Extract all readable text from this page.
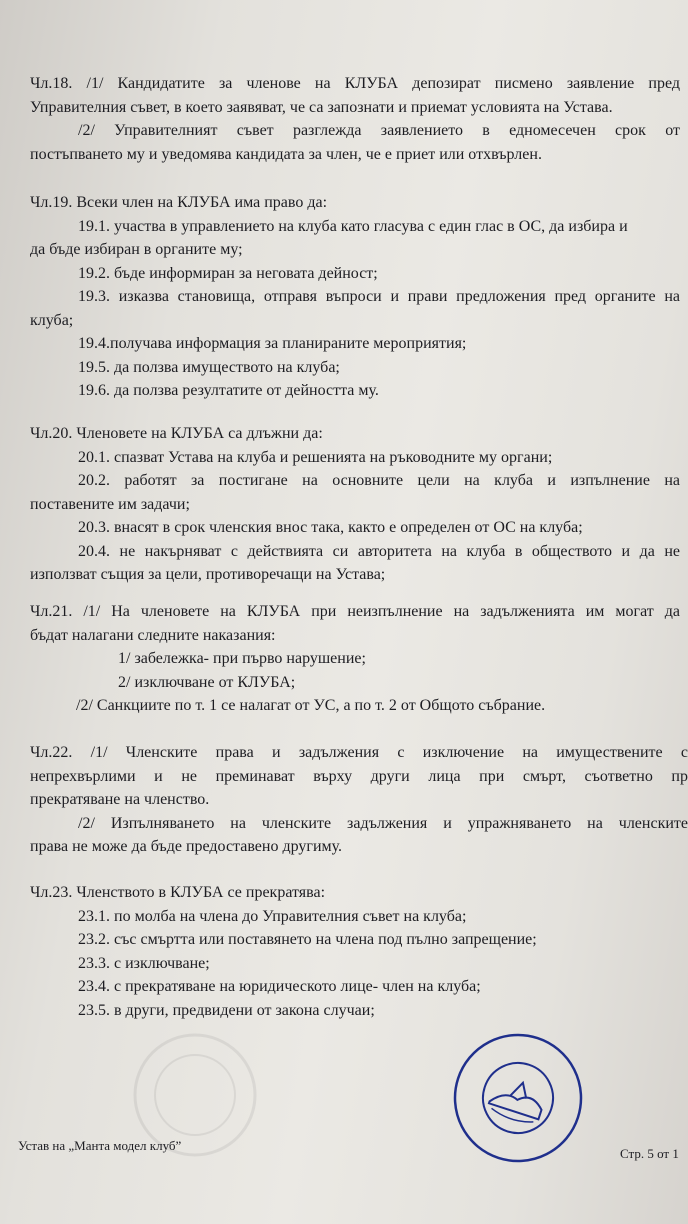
Чл.18. /1/ Кандидатите за членове на КЛУБА депозират писмено заявление пред
Управителния съвет, в което заявяват, че са запознати и приемат условията на Устава.
/2/ Управителният съвет разглежда заявлението в едномесечен срок от
постъпването му и уведомява кандидата за член, че е приет или отхвърлен.
Чл.19. Всеки член на КЛУБА има право да:
19.1. участва в управлението на клуба като гласува с един глас в ОС, да избира и
да бъде избиран в органите му;
19.2. бъде информиран за неговата дейност;
19.3. изказва становища, отправя въпроси и прави предложения пред органите на
клуба;
19.4.получава информация за планираните мероприятия;
19.5. да ползва имуществото на клуба;
19.6. да ползва резултатите от дейността му.
Чл.20. Членовете на КЛУБА са длъжни да:
20.1. спазват Устава на клуба и решенията на ръководните му органи;
20.2. работят за постигане на основните цели на клуба и изпълнение на
поставените им задачи;
20.3. внасят в срок членския внос така, както е определен от ОС на клуба;
20.4. не накърняват с действията си авторитета на клуба в обществото и да не
използват същия за цели, противоречащи на Устава;
Чл.21. /1/ На членовете на КЛУБА при неизпълнение на задълженията им могат да
бъдат налагани следните наказания:
1/ забележка- при първо нарушение;
2/ изключване от КЛУБА;
/2/ Санкциите по т. 1 се налагат от УС, а по т. 2 от Общото събрание.
Чл.22. /1/ Членските права и задължения с изключение на имуществените с
непрехвърлими и не преминават върху други лица при смърт, съответно пр
прекратяване на членство.
/2/ Изпълняването на членските задължения и упражняването на членските
права не може да бъде предоставено другиму.
Чл.23. Членството в КЛУБА се прекратява:
23.1. по молба на члена до Управителния съвет на клуба;
23.2. със смъртта или поставянето на члена под пълно запрещение;
23.3. с изключване;
23.4. с прекратяване на юридическото лице- член на клуба;
23.5. в други, предвидени от закона случаи;
Устав на „Манта модел клуб”
Стр. 5 от 1
